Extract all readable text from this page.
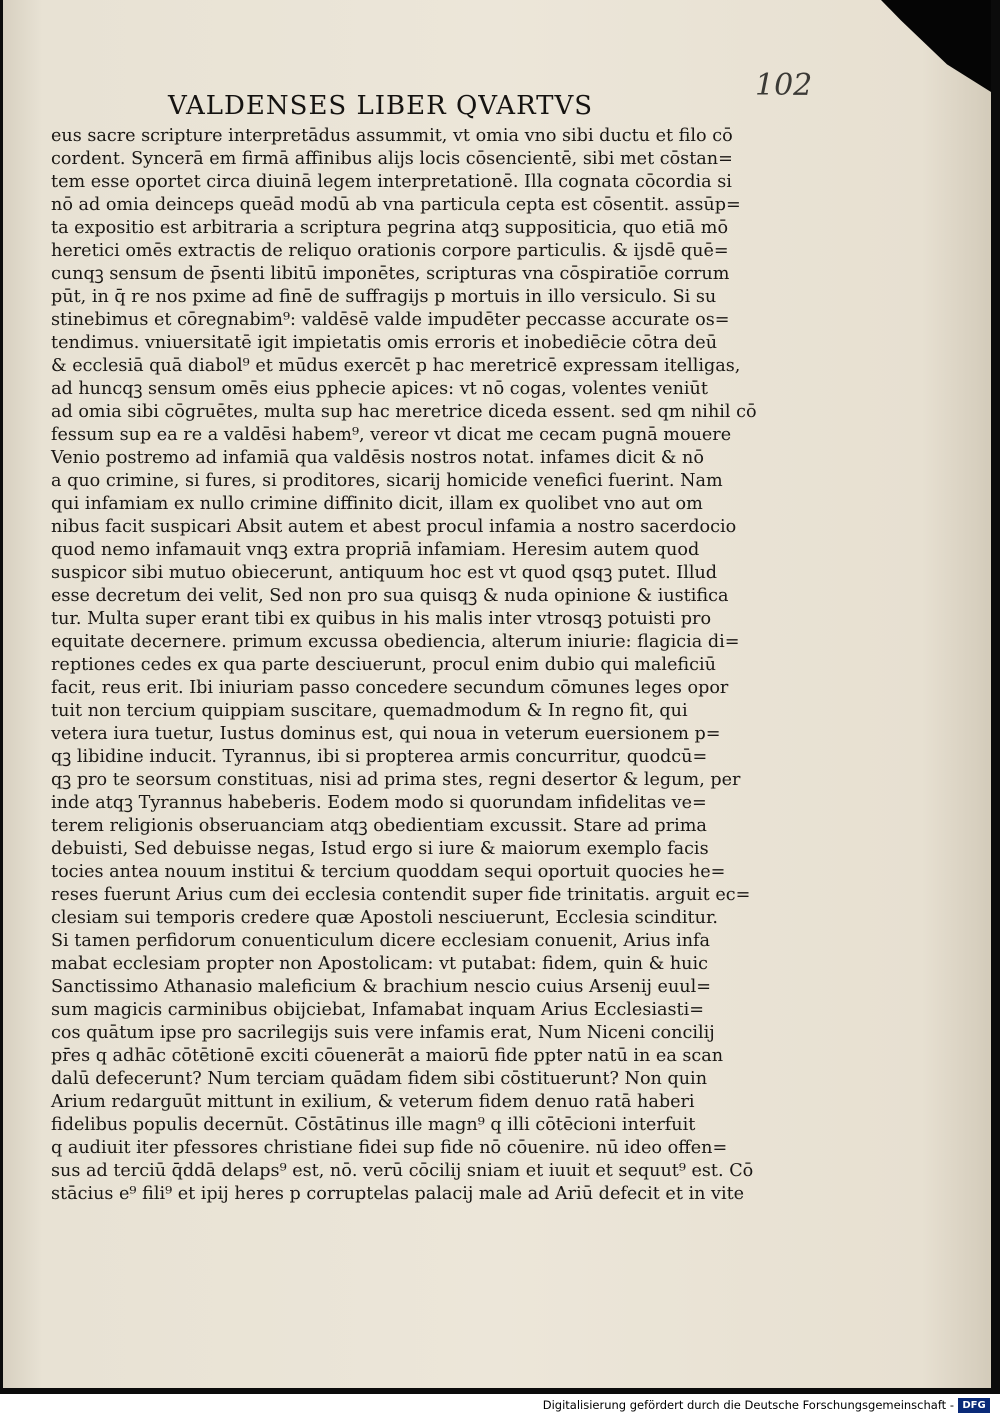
102
VALDENSES LIBER QVARTVS
eus sacre scripture interpretādus assummit, vt omia vno sibi ductu et filo cō
cordent. Syncerā em firmā affinibus alijs locis cōsencientē, sibi met cōstan=
tem esse oportet circa diuinā legem interpretationē. Illa cognata cōcordia si
nō ad omia deinceps queād modū ab vna particula cepta est cōsentit. assūp=
ta expositio est arbitraria a scriptura pegrina atqꝫ suppositicia, quo etiā mō
heretici omēs extractis de reliquo orationis corpore particulis. & ijsdē quē=
cunqꝫ sensum de p̄senti libitū imponētes, scripturas vna cōspiratiōe corrum
pūt, in q̄ re nos pxime ad finē de suffragijs p mortuis in illo versiculo. Si su
stinebimus et cōregnabim⁹: valdēsē valde impudēter peccasse accurate os=
tendimus. vniuersitatē igit impietatis omis erroris et inobediēcie cōtra deū
& ecclesiā quā diabol⁹ et mūdus exercēt p hac meretricē expressam itelligas,
ad huncqꝫ sensum omēs eius pphecie apices: vt nō cogas, volentes veniūt
ad omia sibi cōgruētes, multa sup hac meretrice diceda essent. sed qm nihil cō
fessum sup ea re a valdēsi habem⁹, vereor vt dicat me cecam pugnā mouere
Venio postremo ad infamiā qua valdēsis nostros notat. infames dicit & nō
a quo crimine, si fures, si proditores, sicarij homicide venefici fuerint. Nam
qui infamiam ex nullo crimine diffinito dicit, illam ex quolibet vno aut om
nibus facit suspicari Absit autem et abest procul infamia a nostro sacerdocio
quod nemo infamauit vnqꝫ extra propriā infamiam. Heresim autem quod
suspicor sibi mutuo obiecerunt, antiquum hoc est vt quod qsqꝫ putet. Illud
esse decretum dei velit, Sed non pro sua quisqꝫ & nuda opinione & iustifica
tur. Multa super erant tibi ex quibus in his malis inter vtrosqꝫ potuisti pro
equitate decernere. primum excussa obediencia, alterum iniurie: flagicia di=
reptiones cedes ex qua parte desciuerunt, procul enim dubio qui maleficiū
facit, reus erit. Ibi iniuriam passo concedere secundum cōmunes leges opor
tuit non tercium quippiam suscitare, quemadmodum & In regno fit, qui
vetera iura tuetur, Iustus dominus est, qui noua in veterum euersionem p=
qꝫ libidine inducit. Tyrannus, ibi si propterea armis concurritur, quodcū=
qꝫ pro te seorsum constituas, nisi ad prima stes, regni desertor & legum, per
inde atqꝫ Tyrannus habeberis. Eodem modo si quorundam infidelitas ve=
terem religionis obseruanciam atqꝫ obedientiam excussit. Stare ad prima
debuisti, Sed debuisse negas, Istud ergo si iure & maiorum exemplo facis
tocies antea nouum institui & tercium quoddam sequi oportuit quocies he=
reses fuerunt Arius cum dei ecclesia contendit super fide trinitatis. arguit ec=
clesiam sui temporis credere quæ Apostoli nesciuerunt, Ecclesia scinditur.
Si tamen perfidorum conuenticulum dicere ecclesiam conuenit, Arius infa
mabat ecclesiam propter non Apostolicam: vt putabat: fidem, quin & huic
Sanctissimo Athanasio maleficium & brachium nescio cuius Arsenij euul=
sum magicis carminibus obijciebat, Infamabat inquam Arius Ecclesiasti=
cos quātum ipse pro sacrilegijs suis vere infamis erat, Num Niceni concilij
pr̄es q adhāc cōtētionē exciti cōuenerāt a maiorū fide ppter natū in ea scan
dalū defecerunt? Num terciam quādam fidem sibi cōstituerunt? Non quin
Arium redarguūt mittunt in exilium, & veterum fidem denuo ratā haberi
fidelibus populis decernūt. Cōstātinus ille magn⁹ q illi cōtēcioni interfuit
q audiuit iter pfessores christiane fidei sup fide nō cōuenire. nū ideo offen=
sus ad terciū q̄ddā delaps⁹ est, nō. verū cōcilij sniam et iuuit et sequut⁹ est. Cō
stācius e⁹ fili⁹ et ipij heres p corruptelas palacij male ad Ariū defecit et in vite
Digitalisierung gefördert durch die Deutsche Forschungsgemeinschaft - DFG
